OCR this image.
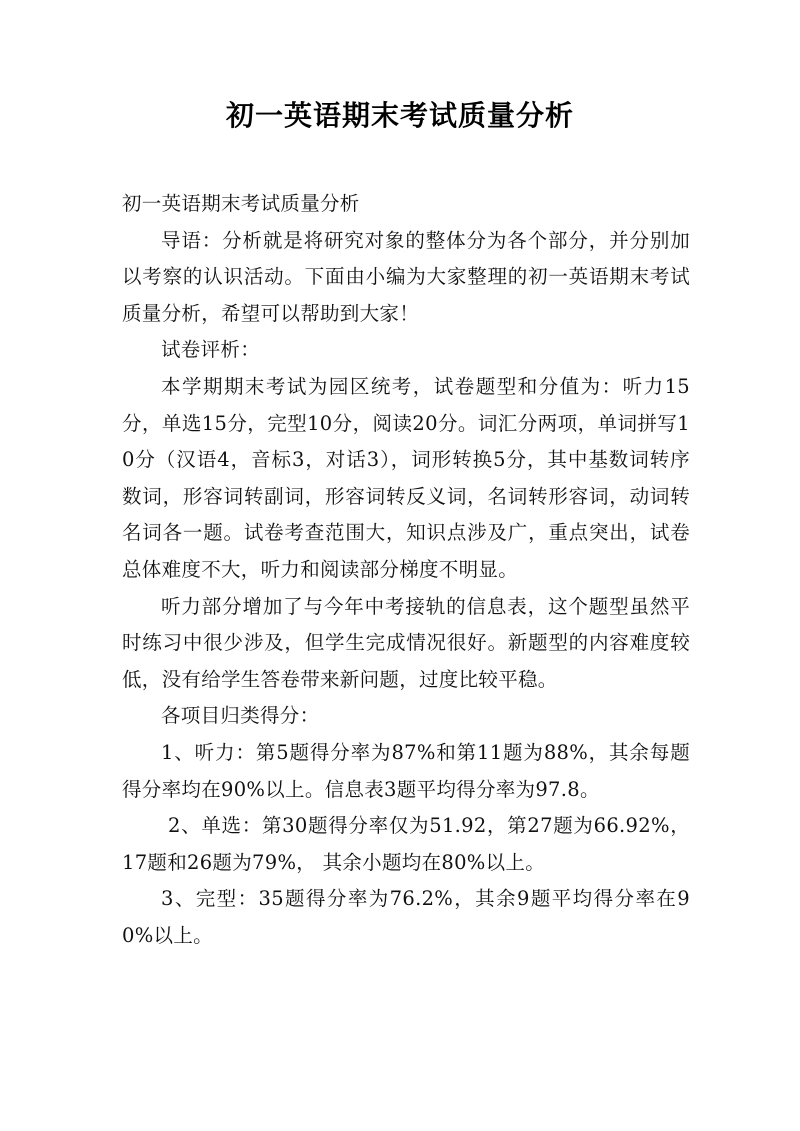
初一英语期末考试质量分析

初一英语期末考试质量分析

导语：分析就是将研究对象的整体分为各个部分，并分别加以考察的认识活动。下面由小编为大家整理的初一英语期末考试质量分析，希望可以帮助到大家！

试卷评析：

本学期期末考试为园区统考，试卷题型和分值为：听力15分，单选15分，完型10分，阅读20分。词汇分两项，单词拼写10分（汉语4，音标3，对话3），词形转换5分，其中基数词转序数词，形容词转副词，形容词转反义词，名词转形容词，动词转名词各一题。试卷考查范围大，知识点涉及广，重点突出，试卷总体难度不大，听力和阅读部分梯度不明显。

听力部分增加了与今年中考接轨的信息表，这个题型虽然平时练习中很少涉及，但学生完成情况很好。新题型的内容难度较低，没有给学生答卷带来新问题，过度比较平稳。

各项目归类得分：

1、听力：第5题得分率为87%和第11题为88%，其余每题得分率均在90%以上。信息表3题平均得分率为97.8。

2、单选：第30题得分率仅为51.92，第27题为66.92%，17题和26题为79%， 其余小题均在80%以上。

3、完型：35题得分率为76.2%，其余9题平均得分率在90%以上。
